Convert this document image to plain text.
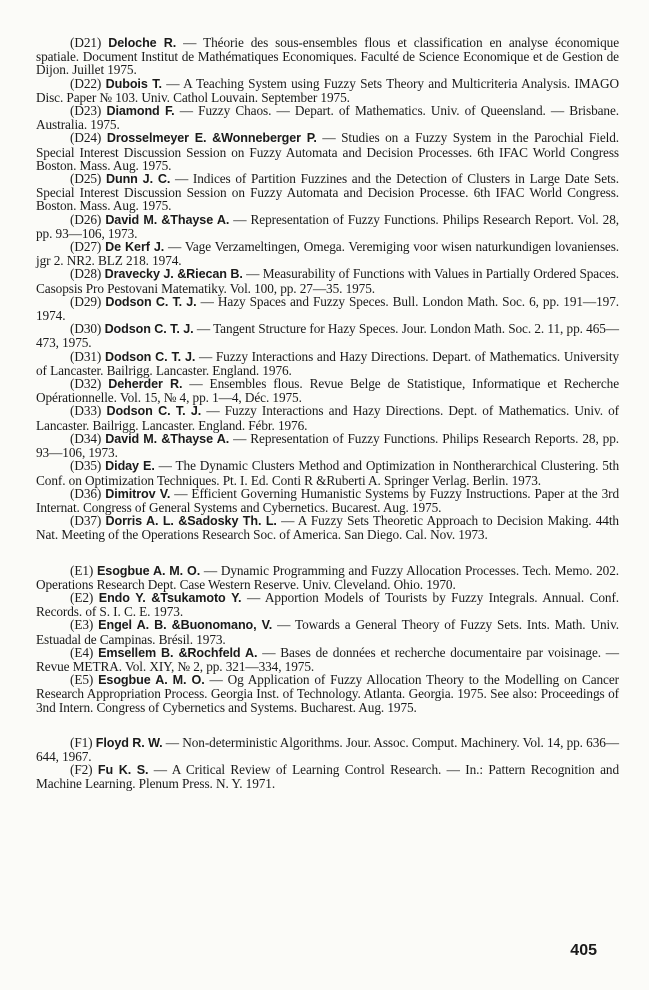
(D21) Deloche R. — Théorie des sous-ensembles flous et classification en analyse économique spatiale. Document Institut de Mathématiques Economiques. Faculté de Science Economique et de Gestion de Dijon. Juillet 1975.

(D22) Dubois T. — A Teaching System using Fuzzy Sets Theory and Multicriteria Analysis. IMAGO Disc. Paper № 103. Univ. Cathol Louvain. September 1975.

(D23) Diamond F. — Fuzzy Chaos. — Depart. of Mathematics. Univ. of Queensland. — Brisbane. Australia. 1975.

(D24) Drosselmeyer E. &Wonneberger P. — Studies on a Fuzzy System in the Parochial Field. Special Interest Discussion Session on Fuzzy Automata and Decision Processes. 6th IFAC World Congress Boston. Mass. Aug. 1975.

(D25) Dunn J. C. — Indices of Partition Fuzzines and the Detection of Clusters in Large Date Sets. Special Interest Discussion Session on Fuzzy Automata and Decision Processe. 6th IFAC World Congress. Boston. Mass. Aug. 1975.

(D26) David M. &Thayse A. — Representation of Fuzzy Functions. Philips Research Report. Vol. 28, pp. 93—106, 1973.

(D27) De Kerf J. — Vage Verzameltingen, Omega. Veremiging voor wisen naturkundigen lovanienses. jgr 2. NR2. BLZ 218. 1974.

(D28) Dravecky J. &Riecan B. — Measurability of Functions with Values in Partially Ordered Spaces. Casopsis Pro Pestovani Matematiky. Vol. 100, pp. 27—35. 1975.

(D29) Dodson C. T. J. — Hazy Spaces and Fuzzy Speces. Bull. London Math. Soc. 6, pp. 191—197. 1974.

(D30) Dodson C. T. J. — Tangent Structure for Hazy Speces. Jour. London Math. Soc. 2. 11, pp. 465—473, 1975.

(D31) Dodson C. T. J. — Fuzzy Interactions and Hazy Directions. Depart. of Mathematics. University of Lancaster. Bailrigg. Lancaster. England. 1976.

(D32) Deherder R. — Ensembles flous. Revue Belge de Statistique, Informatique et Recherche Opérationnelle. Vol. 15, № 4, pp. 1—4, Déc. 1975.

(D33) Dodson C. T. J. — Fuzzy Interactions and Hazy Directions. Dept. of Mathematics. Univ. of Lancaster. Bailrigg. Lancaster. England. Fébr. 1976.

(D34) David M. &Thayse A. — Representation of Fuzzy Functions. Philips Research Reports. 28, pp. 93—106, 1973.

(D35) Diday E. — The Dynamic Clusters Method and Optimization in Nontherarchical Clustering. 5th Conf. on Optimization Techniques. Pt. I. Ed. Conti R &Ruberti A. Springer Verlag. Berlin. 1973.

(D36) Dimitrov V. — Efficient Governing Humanistic Systems by Fuzzy Instructions. Paper at the 3rd Internat. Congress of General Systems and Cybernetics. Bucarest. Aug. 1975.

(D37) Dorris A. L. &Sadosky Th. L. — A Fuzzy Sets Theoretic Approach to Decision Making. 44th Nat. Meeting of the Operations Research Soc. of America. San Diego. Cal. Nov. 1973.

(E1) Esogbue A. M. O. — Dynamic Programming and Fuzzy Allocation Processes. Tech. Memo. 202. Operations Research Dept. Case Western Reserve. Univ. Cleveland. Ohio. 1970.

(E2) Endo Y. &Tsukamoto Y. — Apportion Models of Tourists by Fuzzy Integrals. Annual. Conf. Records. of S. I. C. E. 1973.

(E3) Engel A. B. &Buonomano, V. — Towards a General Theory of Fuzzy Sets. Ints. Math. Univ. Estuadal de Campinas. Brésil. 1973.

(E4) Emsellem B. &Rochfeld A. — Bases de données et recherche documentaire par voisinage. — Revue METRA. Vol. XIY, № 2, pp. 321—334, 1975.

(E5) Esogbue A. M. O. — Og Application of Fuzzy Allocation Theory to the Modelling on Cancer Research Appropriation Process. Georgia Inst. of Technology. Atlanta. Georgia. 1975. See also: Proceedings of 3nd Intern. Congress of Cybernetics and Systems. Bucharest. Aug. 1975.

(F1) Floyd R. W. — Non-deterministic Algorithms. Jour. Assoc. Comput. Machinery. Vol. 14, pp. 636—644, 1967.

(F2) Fu K. S. — A Critical Review of Learning Control Research. — In.: Pattern Recognition and Machine Learning. Plenum Press. N. Y. 1971.

405
